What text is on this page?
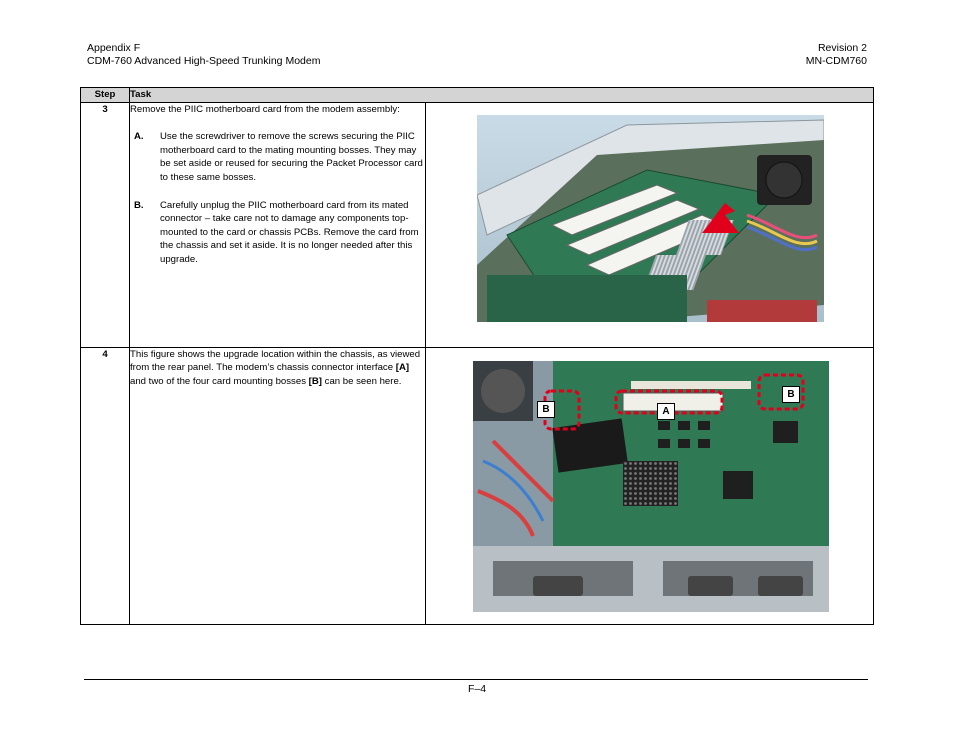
Appendix F
CDM-760 Advanced High-Speed Trunking Modem
Revision 2
MN-CDM760
Step	Task	
3	Remove the PIIC motherboard card from the modem assembly:
A. Use the screwdriver to remove the screws securing the PIIC motherboard card to the mating mounting bosses. They may be set aside or reused for securing the Packet Processor card to these same bosses.
B. Carefully unplug the PIIC motherboard card from its mated connector – take care not to damage any components top-mounted to the card or chassis PCBs. Remove the card from the chassis and set it aside. It is no longer needed after this upgrade.

4	This figure shows the upgrade location within the chassis, as viewed from the rear panel. The modem’s chassis connector interface [A] and two of the four card mounting bosses [B] can be seen here.	B A
B
F–4
